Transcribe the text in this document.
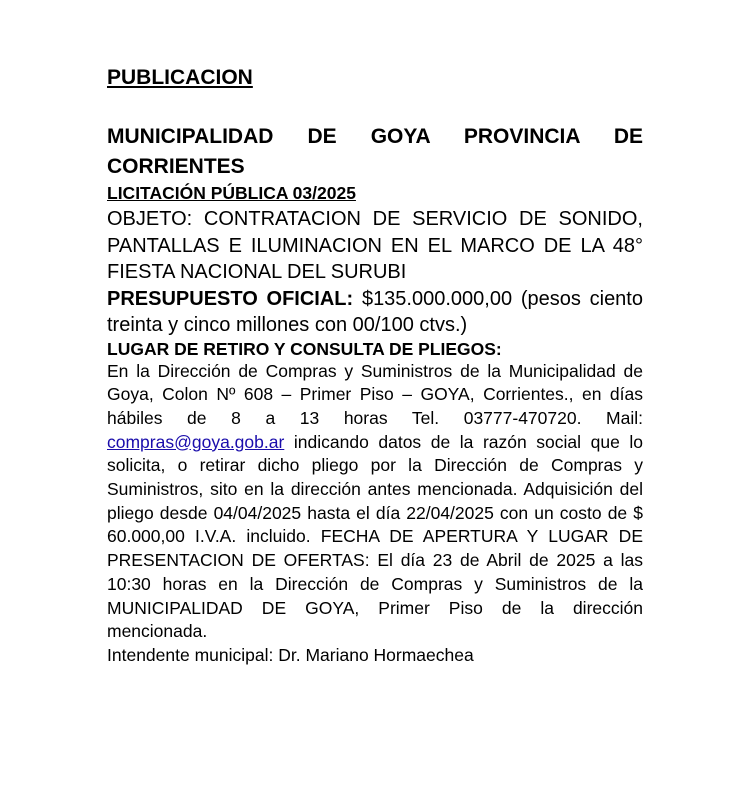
PUBLICACION

MUNICIPALIDAD DE GOYA PROVINCIA DE CORRIENTES

LICITACIÓN PÚBLICA 03/2025

OBJETO: CONTRATACION DE SERVICIO DE SONIDO, PANTALLAS E ILUMINACION EN EL MARCO DE LA 48° FIESTA NACIONAL DEL SURUBI

PRESUPUESTO OFICIAL: $135.000.000,00 (pesos ciento treinta y cinco millones con 00/100 ctvs.)

LUGAR DE RETIRO Y CONSULTA DE PLIEGOS:

En la Dirección de Compras y Suministros de la Municipalidad de Goya, Colon Nº 608 – Primer Piso – GOYA, Corrientes., en días hábiles de 8 a 13 horas Tel. 03777-470720. Mail: compras@goya.gob.ar indicando datos de la razón social que lo solicita, o retirar dicho pliego por la Dirección de Compras y Suministros, sito en la dirección antes mencionada. Adquisición del pliego desde 04/04/2025 hasta el día 22/04/2025 con un costo de $ 60.000,00 I.V.A. incluido. FECHA DE APERTURA Y LUGAR DE PRESENTACION DE OFERTAS: El día 23 de Abril de 2025 a las 10:30 horas en la Dirección de Compras y Suministros de la MUNICIPALIDAD DE GOYA, Primer Piso de la dirección mencionada.

Intendente municipal: Dr. Mariano Hormaechea
